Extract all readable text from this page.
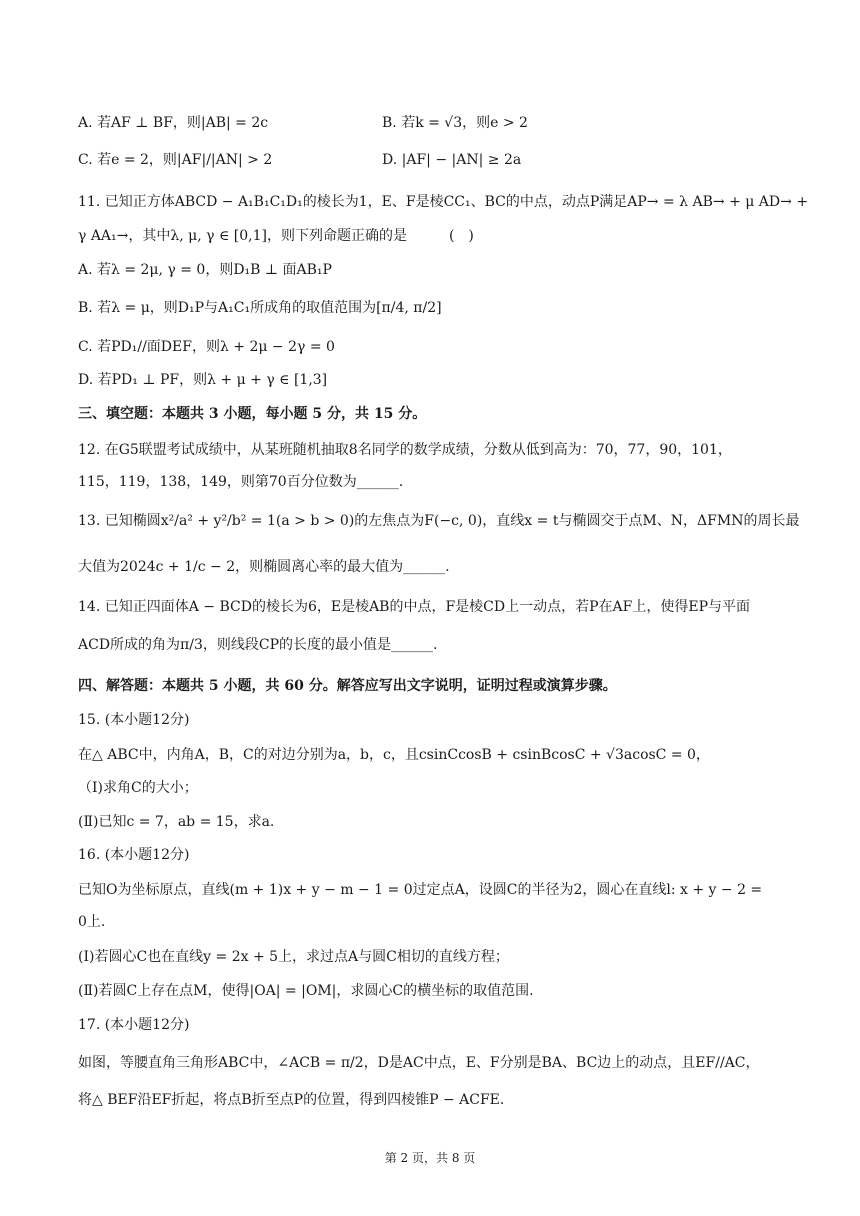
A. 若AF ⊥ BF，则|AB| = 2c	B. 若k = √3，则e > 2
C. 若e = 2，则|AF|/|AN| > 2	D. |AF| − |AN| ≥ 2a
11. 已知正方体ABCD − A₁B₁C₁D₁的棱长为1，E、F是棱CC₁、BC的中点，动点P满足AP→ = λ AB→ + μ AD→ +
γ AA₁→，其中λ, μ, γ ∈ [0,1]，则下列命题正确的是　　　(　)
A. 若λ = 2μ, γ = 0，则D₁B ⊥ 面AB₁P
B. 若λ = μ，则D₁P与A₁C₁所成角的取值范围为[π/4, π/2]
C. 若PD₁//面DEF，则λ + 2μ − 2γ = 0
D. 若PD₁ ⊥ PF，则λ + μ + γ ∈ [1,3]
三、填空题：本题共 3 小题，每小题 5 分，共 15 分。
12. 在G5联盟考试成绩中，从某班随机抽取8名同学的数学成绩，分数从低到高为：70，77，90，101，
115，119，138，149，则第70百分位数为______.
13. 已知椭圆x²/a² + y²/b² = 1(a > b > 0)的左焦点为F(−c, 0)，直线x = t与椭圆交于点M、N，ΔFMN的周长最
大值为2024c + 1/c − 2，则椭圆离心率的最大值为______.
14. 已知正四面体A − BCD的棱长为6，E是棱AB的中点，F是棱CD上一动点，若P在AF上，使得EP与平面
ACD所成的角为π/3，则线段CP的长度的最小值是______.
四、解答题：本题共 5 小题，共 60 分。解答应写出文字说明，证明过程或演算步骤。
15. (本小题12分)
在△ ABC中，内角A，B，C的对边分别为a，b，c，且csinCcosB + csinBcosC + √3acosC = 0，
（Ⅰ)求角C的大小；
(Ⅱ)已知c = 7，ab = 15，求a.
16. (本小题12分)
已知O为坐标原点，直线(m + 1)x + y − m − 1 = 0过定点A，设圆C的半径为2，圆心在直线l: x + y − 2 =
0上.
(Ⅰ)若圆心C也在直线y = 2x + 5上，求过点A与圆C相切的直线方程；
(Ⅱ)若圆C上存在点M，使得|OA| = |OM|，求圆心C的横坐标的取值范围.
17. (本小题12分)
如图，等腰直角三角形ABC中，∠ACB = π/2，D是AC中点，E、F分别是BA、BC边上的动点，且EF//AC，
将△ BEF沿EF折起，将点B折至点P的位置，得到四棱锥P − ACFE.
第 2 页，共 8 页
